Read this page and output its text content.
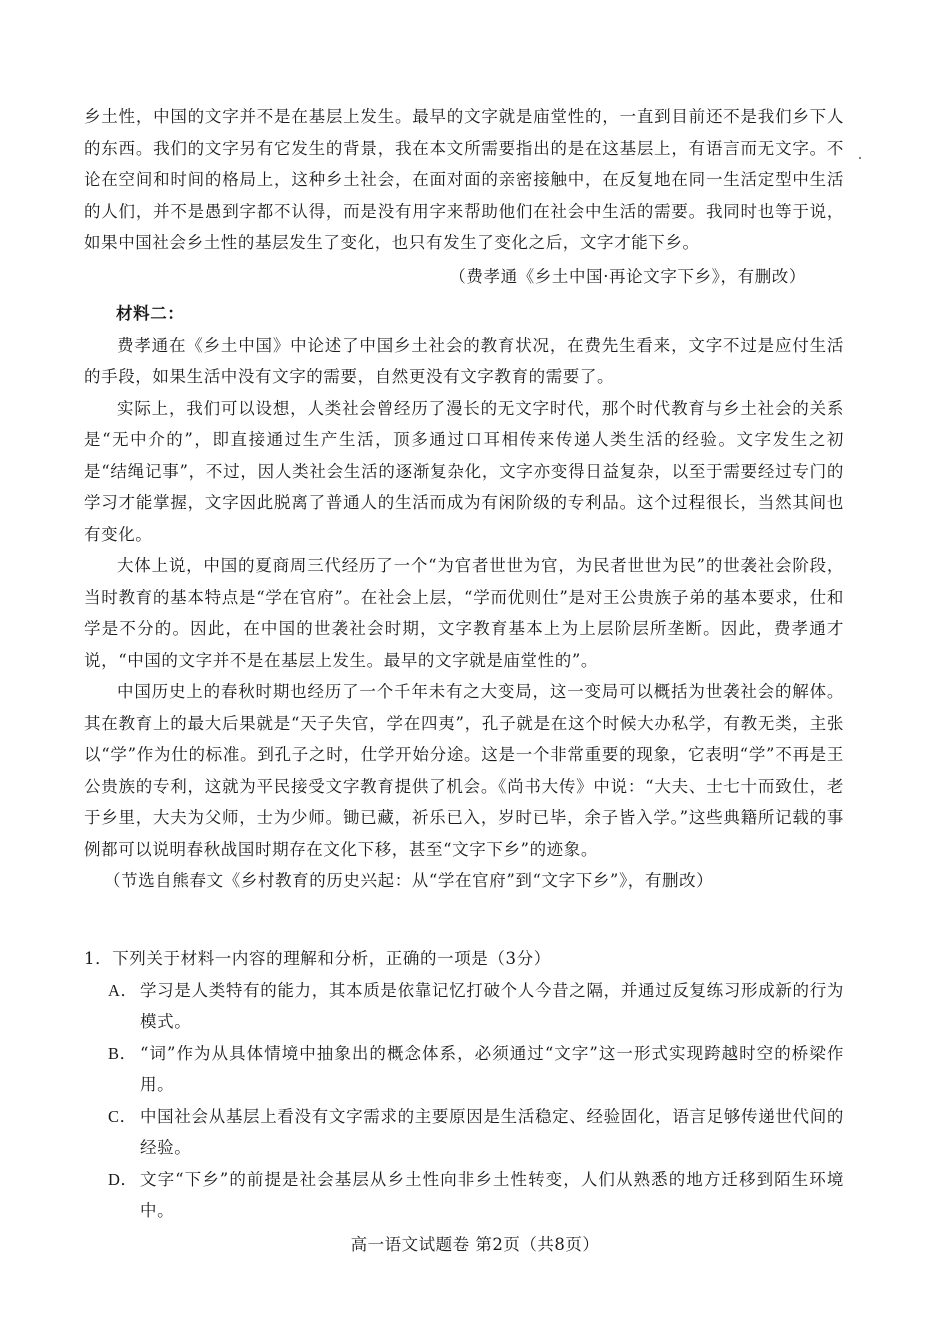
乡土性，中国的文字并不是在基层上发生。最早的文字就是庙堂性的，一直到目前还不是我们乡下人的东西。我们的文字另有它发生的背景，我在本文所需要指出的是在这基层上，有语言而无文字。不论在空间和时间的格局上，这种乡土社会，在面对面的亲密接触中，在反复地在同一生活定型中生活的人们，并不是愚到字都不认得，而是没有用字来帮助他们在社会中生活的需要。我同时也等于说，如果中国社会乡土性的基层发生了变化，也只有发生了变化之后，文字才能下乡。

（费孝通《乡土中国·再论文字下乡》，有删改）

材料二：

费孝通在《乡土中国》中论述了中国乡土社会的教育状况，在费先生看来，文字不过是应付生活的手段，如果生活中没有文字的需要，自然更没有文字教育的需要了。

实际上，我们可以设想，人类社会曾经历了漫长的无文字时代，那个时代教育与乡土社会的关系是“无中介的”，即直接通过生产生活，顶多通过口耳相传来传递人类生活的经验。文字发生之初是“结绳记事”，不过，因人类社会生活的逐渐复杂化，文字亦变得日益复杂，以至于需要经过专门的学习才能掌握，文字因此脱离了普通人的生活而成为有闲阶级的专利品。这个过程很长，当然其间也有变化。

大体上说，中国的夏商周三代经历了一个“为官者世世为官，为民者世世为民”的世袭社会阶段，当时教育的基本特点是“学在官府”。在社会上层，“学而优则仕”是对王公贵族子弟的基本要求，仕和学是不分的。因此，在中国的世袭社会时期，文字教育基本上为上层阶层所垄断。因此，费孝通才说，“中国的文字并不是在基层上发生。最早的文字就是庙堂性的”。

中国历史上的春秋时期也经历了一个千年未有之大变局，这一变局可以概括为世袭社会的解体。其在教育上的最大后果就是“天子失官，学在四夷”，孔子就是在这个时候大办私学，有教无类，主张以“学”作为仕的标准。到孔子之时，仕学开始分途。这是一个非常重要的现象，它表明“学”不再是王公贵族的专利，这就为平民接受文字教育提供了机会。《尚书大传》中说：“大夫、士七十而致仕，老于乡里，大夫为父师，士为少师。锄已藏，祈乐已入，岁时已毕，余子皆入学。”这些典籍所记载的事例都可以说明春秋战国时期存在文化下移，甚至“文字下乡”的迹象。

（节选自熊春文《乡村教育的历史兴起：从“学在官府”到“文字下乡”》，有删改）

1．下列关于材料一内容的理解和分析，正确的一项是（3分）

A． 学习是人类特有的能力，其本质是依靠记忆打破个人今昔之隔，并通过反复练习形成新的行为模式。
B． “词”作为从具体情境中抽象出的概念体系，必须通过“文字”这一形式实现跨越时空的桥梁作用。
C． 中国社会从基层上看没有文字需求的主要原因是生活稳定、经验固化，语言足够传递世代间的经验。
D． 文字“下乡”的前提是社会基层从乡土性向非乡土性转变，人们从熟悉的地方迁移到陌生环境中。
高一语文试题卷 第2页（共8页）
